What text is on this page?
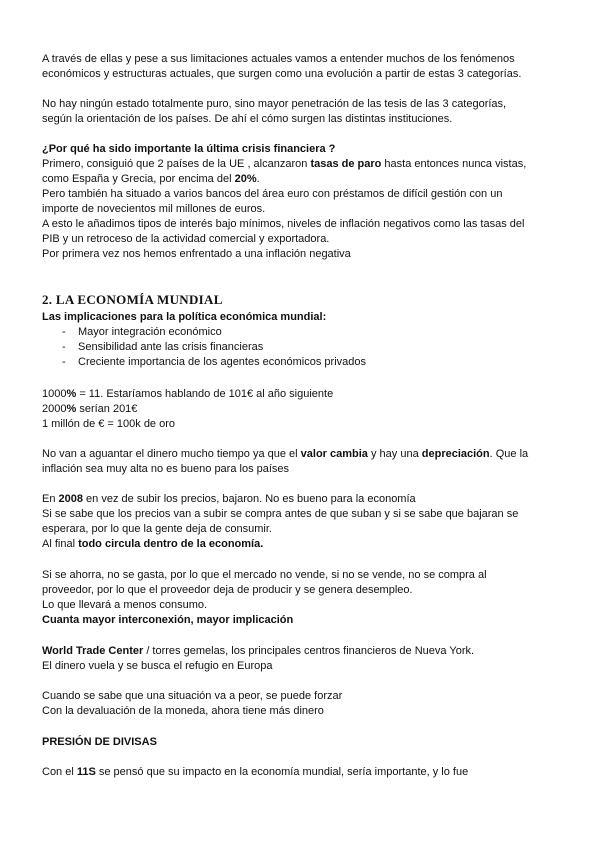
A través de ellas y pese a sus limitaciones actuales vamos a entender muchos de los fenómenos

económicos y estructuras actuales, que surgen como una evolución a partir de estas 3 categorías.

No hay ningún estado totalmente puro, sino mayor penetración de las tesis de las 3 categorías,

según la orientación de los países. De ahí el cómo surgen las distintas instituciones.

¿Por qué ha sido importante la última crisis financiera ?

Primero, consiguió que 2 países de la UE , alcanzaron tasas de paro hasta entonces nunca vistas,

como España y Grecia, por encima del 20%.

Pero también ha situado a varios bancos del área euro con préstamos de difícil gestión con un

importe de novecientos mil millones de euros.

A esto le añadimos tipos de interés bajo mínimos, niveles de inflación negativos como las tasas del

PIB y un retroceso de la actividad comercial y exportadora.

Por primera vez nos hemos enfrentado a una inflación negativa

2. LA ECONOMÍA MUNDIAL

Las implicaciones para la política económica mundial:

- Mayor integración económico
- Sensibilidad ante las crisis financieras
- Creciente importancia de los agentes económicos privados

1000% = 11. Estaríamos hablando de 101€ al año siguiente

2000% serían 201€

1 millón de € = 100k de oro

No van a aguantar el dinero mucho tiempo ya que el valor cambia y hay una depreciación. Que la

inflación sea muy alta no es bueno para los países

En 2008 en vez de subir los precios, bajaron. No es bueno para la economía

Si se sabe que los precios van a subir se compra antes de que suban y si se sabe que bajaran se

esperara, por lo que la gente deja de consumir.

Al final todo circula dentro de la economía.

Si se ahorra, no se gasta, por lo que el mercado no vende, si no se vende, no se compra al

proveedor, por lo que el proveedor deja de producir y se genera desempleo.

Lo que llevará a menos consumo.

Cuanta mayor interconexión, mayor implicación

World Trade Center / torres gemelas, los principales centros financieros de Nueva York.

El dinero vuela y se busca el refugio en Europa

Cuando se sabe que una situación va a peor, se puede forzar

Con la devaluación de la moneda, ahora tiene más dinero

PRESIÓN DE DIVISAS

Con el 11S se pensó que su impacto en la economía mundial, sería importante, y lo fue
